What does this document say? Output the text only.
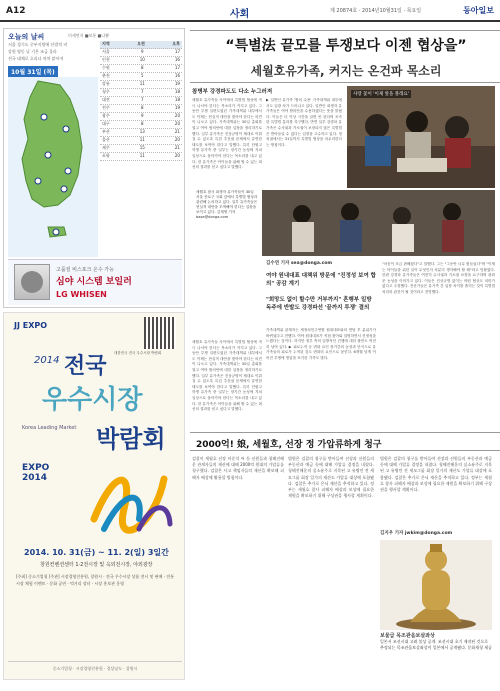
A12	사회	제 20874호 · 2014년10월31일 · 목요일	동아일보
오늘의 날씨	미세먼지 ■보통 ■나쁨
서울 경기도 중부지방에 산발적 비
강원 영동 낮 기온 조금 올라
전국 대체로 흐리다 차차 맑아져
10월 31일 (목)
지역	오전	오후
서울	9	17
인천	10	16
수원	8	17
춘천	5	16
강릉	11	19
청주	7	18
대전	7	18
전주	8	19
광주	9	20
대구	8	20
부산	13	21
울산	11	20
제주	15	21
포항	11	20
고품질 비스포크 온수 가능
심야 시스템 보일러
LG WHISEN
JJ EXPO
대한민국 전국 우수시장 박람회
2014 전국
우수시장
박람회
Korea Leading Market
EXPO
2014
2014. 10. 31(금) ~ 11. 2(일) 3일간
창원컨벤션센터 1·2전시장 및 옥외전시장, 야외광장
[주최] 중소기업청 [주관] 시장경영진흥원, 창원시 · 전국 우수시장 상품 전시 및 판매 · 전통시장 체험 이벤트 · 문화 공연 · 먹거리 장터 · 시장 홍보관 운영
중소기업청 · 시장경영진흥원 · 경상남도 · 창원시
“특별法 끝모를 투쟁보다 이젠 협상을”
세월호유가족, 커지는 온건파 목소리
참병부 강경파도도 다소 누그러져
세월호 유가족들 사이에서 특별법 협상에 적극 나서야 한다는 목소리가 커지고 있다. 그동안 투쟁 일변도였던 가족대책위 내부에서도 이제는 현실적 대안을 찾아야 한다는 의견이 나오고 있다. 가족대책위는 30일 총회를 열고 여야 합의안에 대한 입장을 정리하기로 했다. 일부 유가족은 진상규명이 제대로 이뤄질 수 있도록 특검 추천권 문제에서 유연한 태도를 보여야 한다고 말했다. 특히 단원고 학생 유가족 중 일부는 장기간 농성에 지쳐 일상으로 돌아가야 한다는 목소리를 내고 있다. 한 유가족은 아이들을 위해 할 수 있는 최선의 결과를 얻고 싶다고 말했다.
▶ 일반인 유가족 '합의 수용' 가족대책위 내부에서도 입장 차가 드러나고 있다. 일반인 희생자 유가족들은 여야 합의안을 수용하겠다는 뜻을 밝혔다. 이들은 더 이상 시간을 끌면 안 된다며 조속한 특별법 통과를 촉구했다. 반면 일부 강경파 유가족은 수사권과 기소권이 보장되지 않은 특별법은 받아들일 수 없다는 입장을 고수하고 있다. 정치권에서는 31일까지 특별법 협상을 마무리한다는 방침이다.
세월호 유가족들 사이에서 특별법 협상에 적극 나서야 한다는 목소리가 커지고 있다. 그동안 투쟁 일변도였던 가족대책위 내부에서도 이제는 현실적 대안을 찾아야 한다는 의견이 나오고 있다. 가족대책위는 30일 총회를 열고 여야 합의안에 대한 입장을 정리하기로 했다. 일부 유가족은 진상규명이 제대로 이뤄질 수 있도록 특검 추천권 문제에서 유연한 태도를 보여야 한다고 말했다. 특히 단원고 학생 유가족 중 일부는 장기간 농성에 지쳐 일상으로 돌아가야 한다는 목소리를 내고 있다. 한 유가족은 아이들을 위해 할 수 있는 최선의 결과를 얻고 싶다고 말했다.
사랑 꽃이 '이제 앞을 볼래요'
세월호 참사 희생자 유가족들이 30일 서울 종로구 국회 앞에서 특별법 협상과 관련해 논의하고 있다. 일부 유가족들은 현실적 대안을 모색해야 한다는 입장을 보이고 있다. 김재명 기자 base@donga.com
김수연 기자 sea@donga.com
여야 원내대표 대책위 방문에 "진정성 보여 합의" 공감 계기
"희망도 없이 할수만 거부까지" 혼행부 일방 독주에 반발도 강경파선 '끝까지 투쟁' 결의
가족대책위 관계자는 새정치민주연합 원내대표와의 면담 후 분위기가 바뀌었다고 전했다. 여야 원내대표가 직접 찾아와 설명하면서 진정성을 느꼈다는 것이다. 하지만 정부 측의 일방적인 진행에 대한 불만도 여전히 남아 있다. ▶ 피로누적 등 변화 요인 장기간의 농성과 단식으로 유가족들의 피로가 누적된 것도 변화의 요인으로 꼽힌다. 6개월 넘게 이어진 투쟁에 생업을 포기한 가족도 많다.
"마음이 조금 편해졌다"고 말했다. 그는 "그동안 너무 힘들었다"며 "이제는 아이들을 위한 일이 무엇인지 차분히 생각해야 할 때"라고 덧붙였다. 한편 강경파 유가족들은 여전히 수사권과 기소권 보장을 요구하며 광화문 농성을 이어가고 있다. 이들은 진상규명 없이는 어떤 협상도 의미가 없다고 주장했다. 전문가들은 유가족 간 입장 차이를 좁히는 것이 특별법 처리의 관건이 될 것이라고 전망했다.
2000억! 娘, 세월호, 선장 정 가압류하게 청구
검찰이 세월호 선장 이준석 씨 등 선원들과 청해진해운 관계자들의 재산에 대해 2000억 원대의 가압류를 청구했다. 검찰은 사고 책임자들의 재산을 확보해 피해자 배상에 활용할 방침이다.
법원은 검찰의 청구를 받아들여 선장과 선원들의 부동산과 예금 등에 대해 가압류 결정을 내렸다. 청해진해운의 실소유주로 지목된 고 유병언 전 세모그룹 회장 일가의 재산도 가압류 대상에 포함됐다. 검찰은 추가로 은닉 재산을 추적하고 있다. 정부는 세월호 참사 피해자 배상과 보상에 필요한 재원을 확보하기 위해 구상권을 행사할 계획이다.
법원은 검찰의 청구를 받아들여 선장과 선원들의 부동산과 예금 등에 대해 가압류 결정을 내렸다. 청해진해운의 실소유주로 지목된 고 유병언 전 세모그룹 회장 일가의 재산도 가압류 대상에 포함됐다. 검찰은 추가로 은닉 재산을 추적하고 있다. 정부는 세월호 참사 피해자 배상과 보상에 필요한 재원을 확보하기 위해 구상권을 행사할 계획이다.
김지우 기자 jwkim@donga.com
보물급 목조관음보살좌상
일본서 조선시대 고려 불상 공개. 조선시대 초기 제작된 것으로 추정되는 목조관음보살좌상이 일본에서 공개됐다. 문화재청 제공
